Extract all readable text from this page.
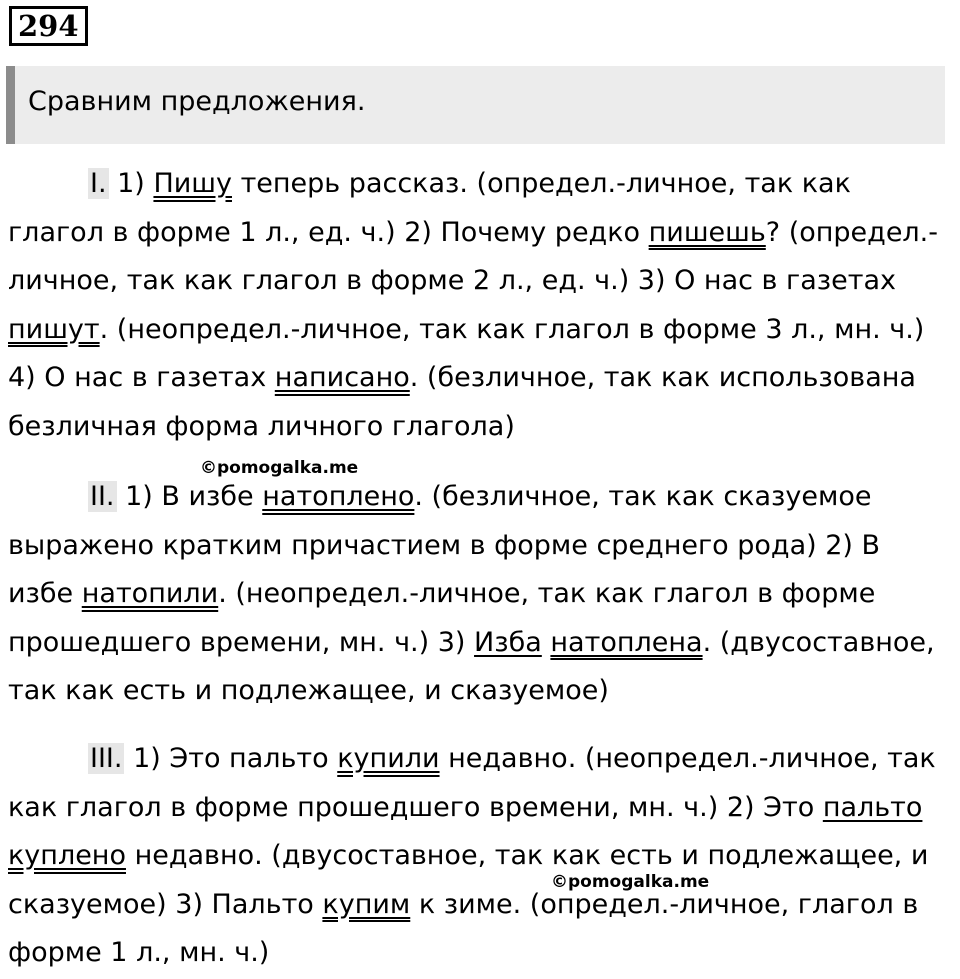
294
Сравним предложения.

I. 1) Пишу теперь рассказ. (определ.-личное, так как глагол в форме 1 л., ед. ч.) 2) Почему редко пишешь? (определ.-личное, так как глагол в форме 2 л., ед. ч.) 3) О нас в газетах пишут. (неопредел.-личное, так как глагол в форме 3 л., мн. ч.) 4) О нас в газетах написано. (безличное, так как использована безличная форма личного глагола)

©pomogalka.me

II. 1) В избе натоплено. (безличное, так как сказуемое выражено кратким причастием в форме среднего рода) 2) В избе натопили. (неопредел.-личное, так как глагол в форме прошедшего времени, мн. ч.) 3) Изба натоплена. (двусоставное, так как есть и подлежащее, и сказуемое)

III. 1) Это пальто купили недавно. (неопредел.-личное, так как глагол в форме прошедшего времени, мн. ч.) 2) Это пальто куплено недавно. (двусоставное, так как есть и подлежащее, и сказуемое) 3) Пальто купим к зиме. (определ.-личное, глагол в форме 1 л., мн. ч.)

©pomogalka.me
